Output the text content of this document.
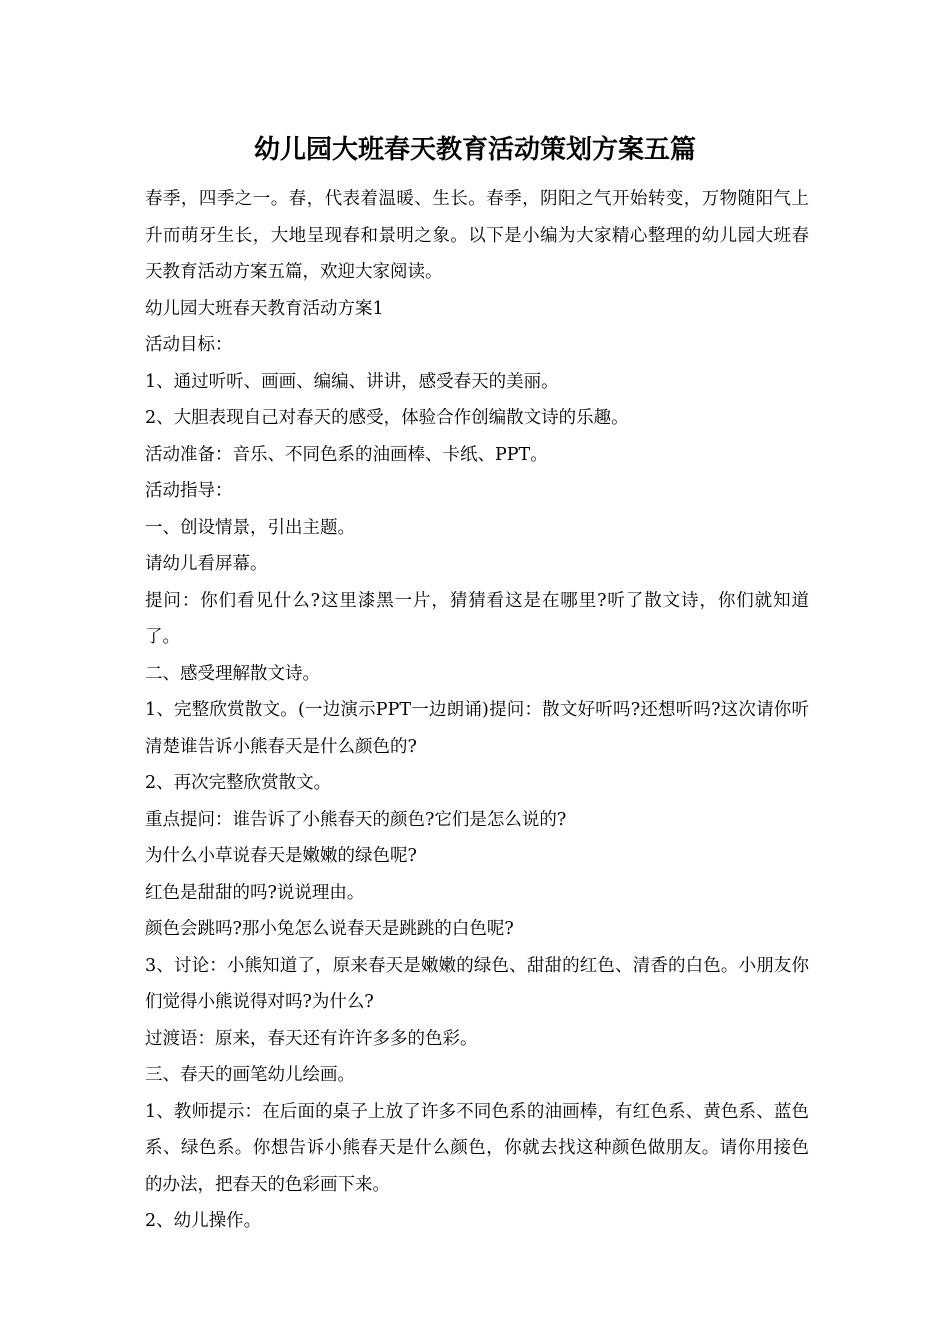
幼儿园大班春天教育活动策划方案五篇

春季，四季之一。春，代表着温暖、生长。春季，阴阳之气开始转变，万物随阳气上升而萌牙生长，大地呈现春和景明之象。以下是小编为大家精心整理的幼儿园大班春天教育活动方案五篇，欢迎大家阅读。

幼儿园大班春天教育活动方案1

活动目标：

1、通过听听、画画、编编、讲讲，感受春天的美丽。

2、大胆表现自己对春天的感受，体验合作创编散文诗的乐趣。

活动准备：音乐、不同色系的油画棒、卡纸、PPT。

活动指导：

一、创设情景，引出主题。

请幼儿看屏幕。

提问：你们看见什么?这里漆黑一片，猜猜看这是在哪里?听了散文诗，你们就知道了。

二、感受理解散文诗。

1、完整欣赏散文。(一边演示PPT一边朗诵)提问：散文好听吗?还想听吗?这次请你听清楚谁告诉小熊春天是什么颜色的?

2、再次完整欣赏散文。

重点提问：谁告诉了小熊春天的颜色?它们是怎么说的?

为什么小草说春天是嫩嫩的绿色呢?

红色是甜甜的吗?说说理由。

颜色会跳吗?那小兔怎么说春天是跳跳的白色呢?

3、讨论：小熊知道了，原来春天是嫩嫩的绿色、甜甜的红色、清香的白色。小朋友你们觉得小熊说得对吗?为什么?

过渡语：原来，春天还有许许多多的色彩。

三、春天的画笔幼儿绘画。

1、教师提示：在后面的桌子上放了许多不同色系的油画棒，有红色系、黄色系、蓝色系、绿色系。你想告诉小熊春天是什么颜色，你就去找这种颜色做朋友。请你用接色的办法，把春天的色彩画下来。

2、幼儿操作。
